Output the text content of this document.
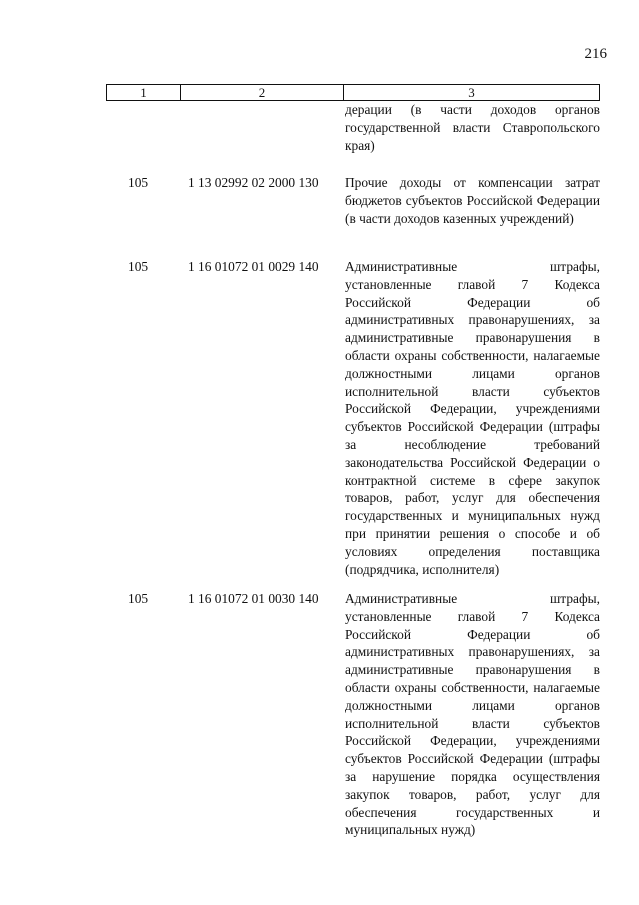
216
1	2	3
дерации (в части доходов органов государственной власти Ставропольского края)
105	1 13 02992 02 2000 130 Прочие доходы от компенсации затрат бюджетов субъектов Российской Федерации (в части доходов казенных учреждений)
105	1 16 01072 01 0029 140 Административные штрафы, установленные главой 7 Кодекса Российской Федерации об административных правонарушениях, за административные правонарушения в области охраны собственности, налагаемые должностными лицами органов исполнительной власти субъектов Российской Федерации, учреждениями субъектов Российской Федерации (штрафы за несоблюдение требований законодательства Российской Федерации о контрактной системе в сфере закупок товаров, работ, услуг для обеспечения государственных и муниципальных нужд при принятии решения о способе и об условиях определения поставщика (подрядчика, исполнителя)
105	1 16 01072 01 0030 140 Административные штрафы, установленные главой 7 Кодекса Российской Федерации об административных правонарушениях, за административные правонарушения в области охраны собственности, налагаемые должностными лицами органов исполнительной власти субъектов Российской Федерации, учреждениями субъектов Российской Федерации (штрафы за нарушение порядка осуществления закупок товаров, работ, услуг для обеспечения государственных и муниципальных нужд)
